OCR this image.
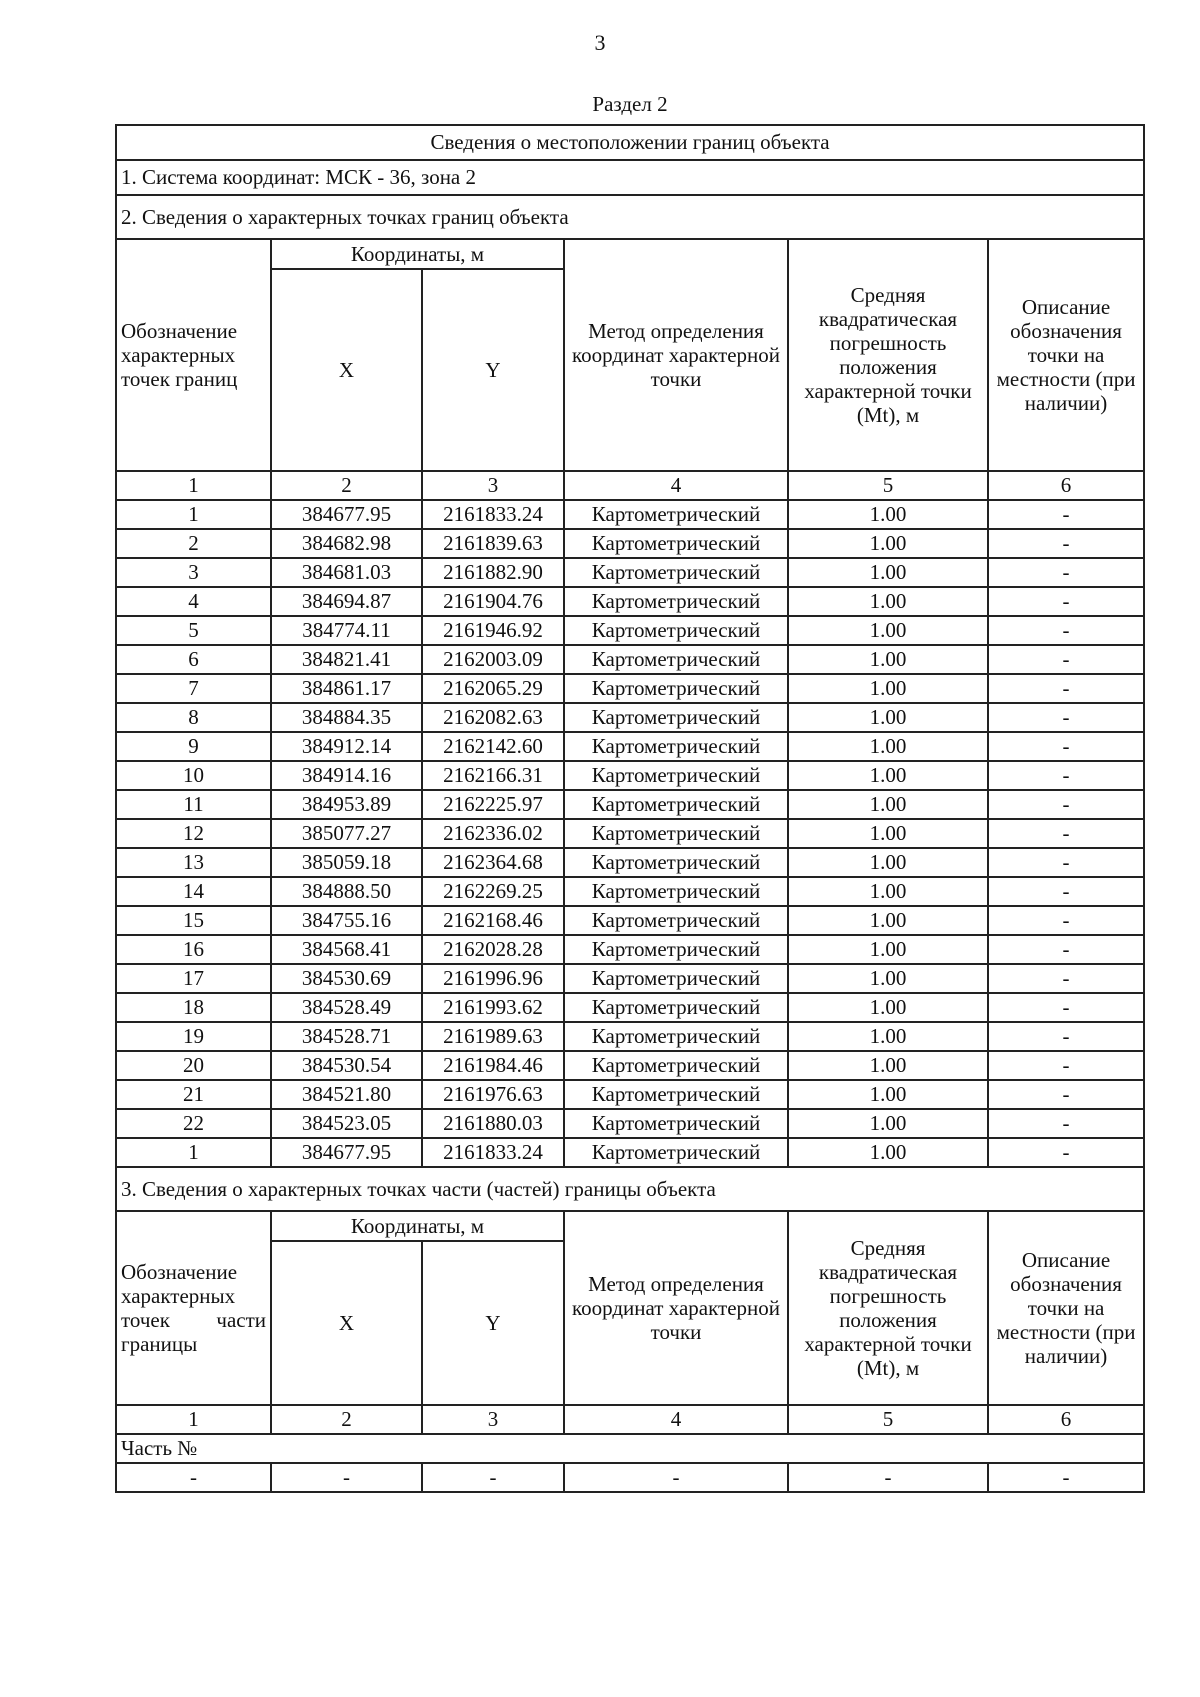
3
Раздел 2
Сведения о местоположении границ объекта					
1. Система координат: МСК - 36, зона 2					
2. Сведения о характерных точках границ объекта					
Обозначение характерных точек границ	Координаты, м		Метод определения координат характерной точки	Средняя квадратическая погрешность положения характерной точки (Mt), м	Описание обозначения точки на местности (при наличии)
	X	Y			
1	2	3	4	5	6
1	384677.95	2161833.24	Картометрический	1.00	-
2	384682.98	2161839.63	Картометрический	1.00	-
3	384681.03	2161882.90	Картометрический	1.00	-
4	384694.87	2161904.76	Картометрический	1.00	-
5	384774.11	2161946.92	Картометрический	1.00	-
6	384821.41	2162003.09	Картометрический	1.00	-
7	384861.17	2162065.29	Картометрический	1.00	-
8	384884.35	2162082.63	Картометрический	1.00	-
9	384912.14	2162142.60	Картометрический	1.00	-
10	384914.16	2162166.31	Картометрический	1.00	-
11	384953.89	2162225.97	Картометрический	1.00	-
12	385077.27	2162336.02	Картометрический	1.00	-
13	385059.18	2162364.68	Картометрический	1.00	-
14	384888.50	2162269.25	Картометрический	1.00	-
15	384755.16	2162168.46	Картометрический	1.00	-
16	384568.41	2162028.28	Картометрический	1.00	-
17	384530.69	2161996.96	Картометрический	1.00	-
18	384528.49	2161993.62	Картометрический	1.00	-
19	384528.71	2161989.63	Картометрический	1.00	-
20	384530.54	2161984.46	Картометрический	1.00	-
21	384521.80	2161976.63	Картометрический	1.00	-
22	384523.05	2161880.03	Картометрический	1.00	-
1	384677.95	2161833.24	Картометрический	1.00	-
3. Сведения о характерных точках части (частей) границы объекта					
Обозначение характерных точек части границы	Координаты, м		Метод определения координат характерной точки	Средняя квадратическая погрешность положения характерной точки (Mt), м	Описание обозначения точки на местности (при наличии)
	X	Y			
1	2	3	4	5	6
Часть №					
-	-	-	-	-	-
